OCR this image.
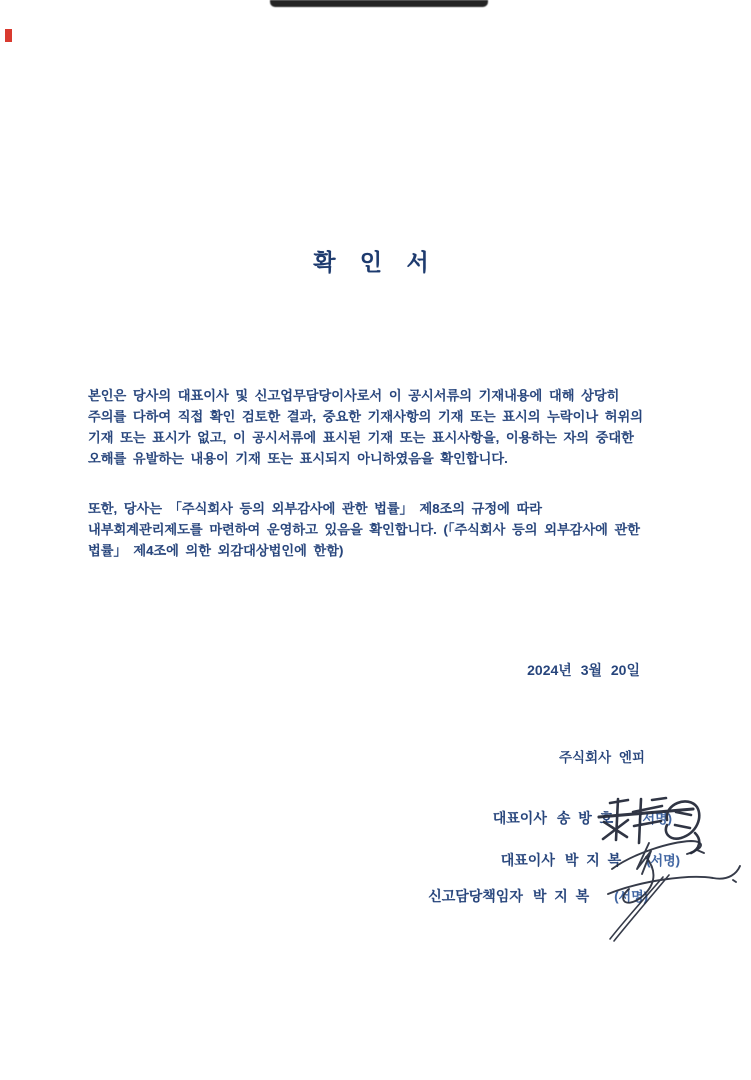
확 인 서
본인은 당사의 대표이사 및 신고업무담당이사로서 이 공시서류의 기재내용에 대해 상당히
주의를 다하여 직접 확인 검토한 결과, 중요한 기재사항의 기재 또는 표시의 누락이나 허위의
기재 또는 표시가 없고, 이 공시서류에 표시된 기재 또는 표시사항을, 이용하는 자의 중대한
오해를 유발하는 내용이 기재 또는 표시되지 아니하였음을 확인합니다.
또한, 당사는 「주식회사 등의 외부감사에 관한 법률」 제8조의 규정에 따라
내부회계관리제도를 마련하여 운영하고 있음을 확인합니다. (「주식회사 등의 외부감사에 관한
법률」 제4조에 의한 외감대상법인에 한함)
2024년 3월 20일
주식회사 엔피
대표이사 송 방 호 (서명)
대표이사 박 지 복 (서명)
신고담당책임자 박 지 복 (서명)
